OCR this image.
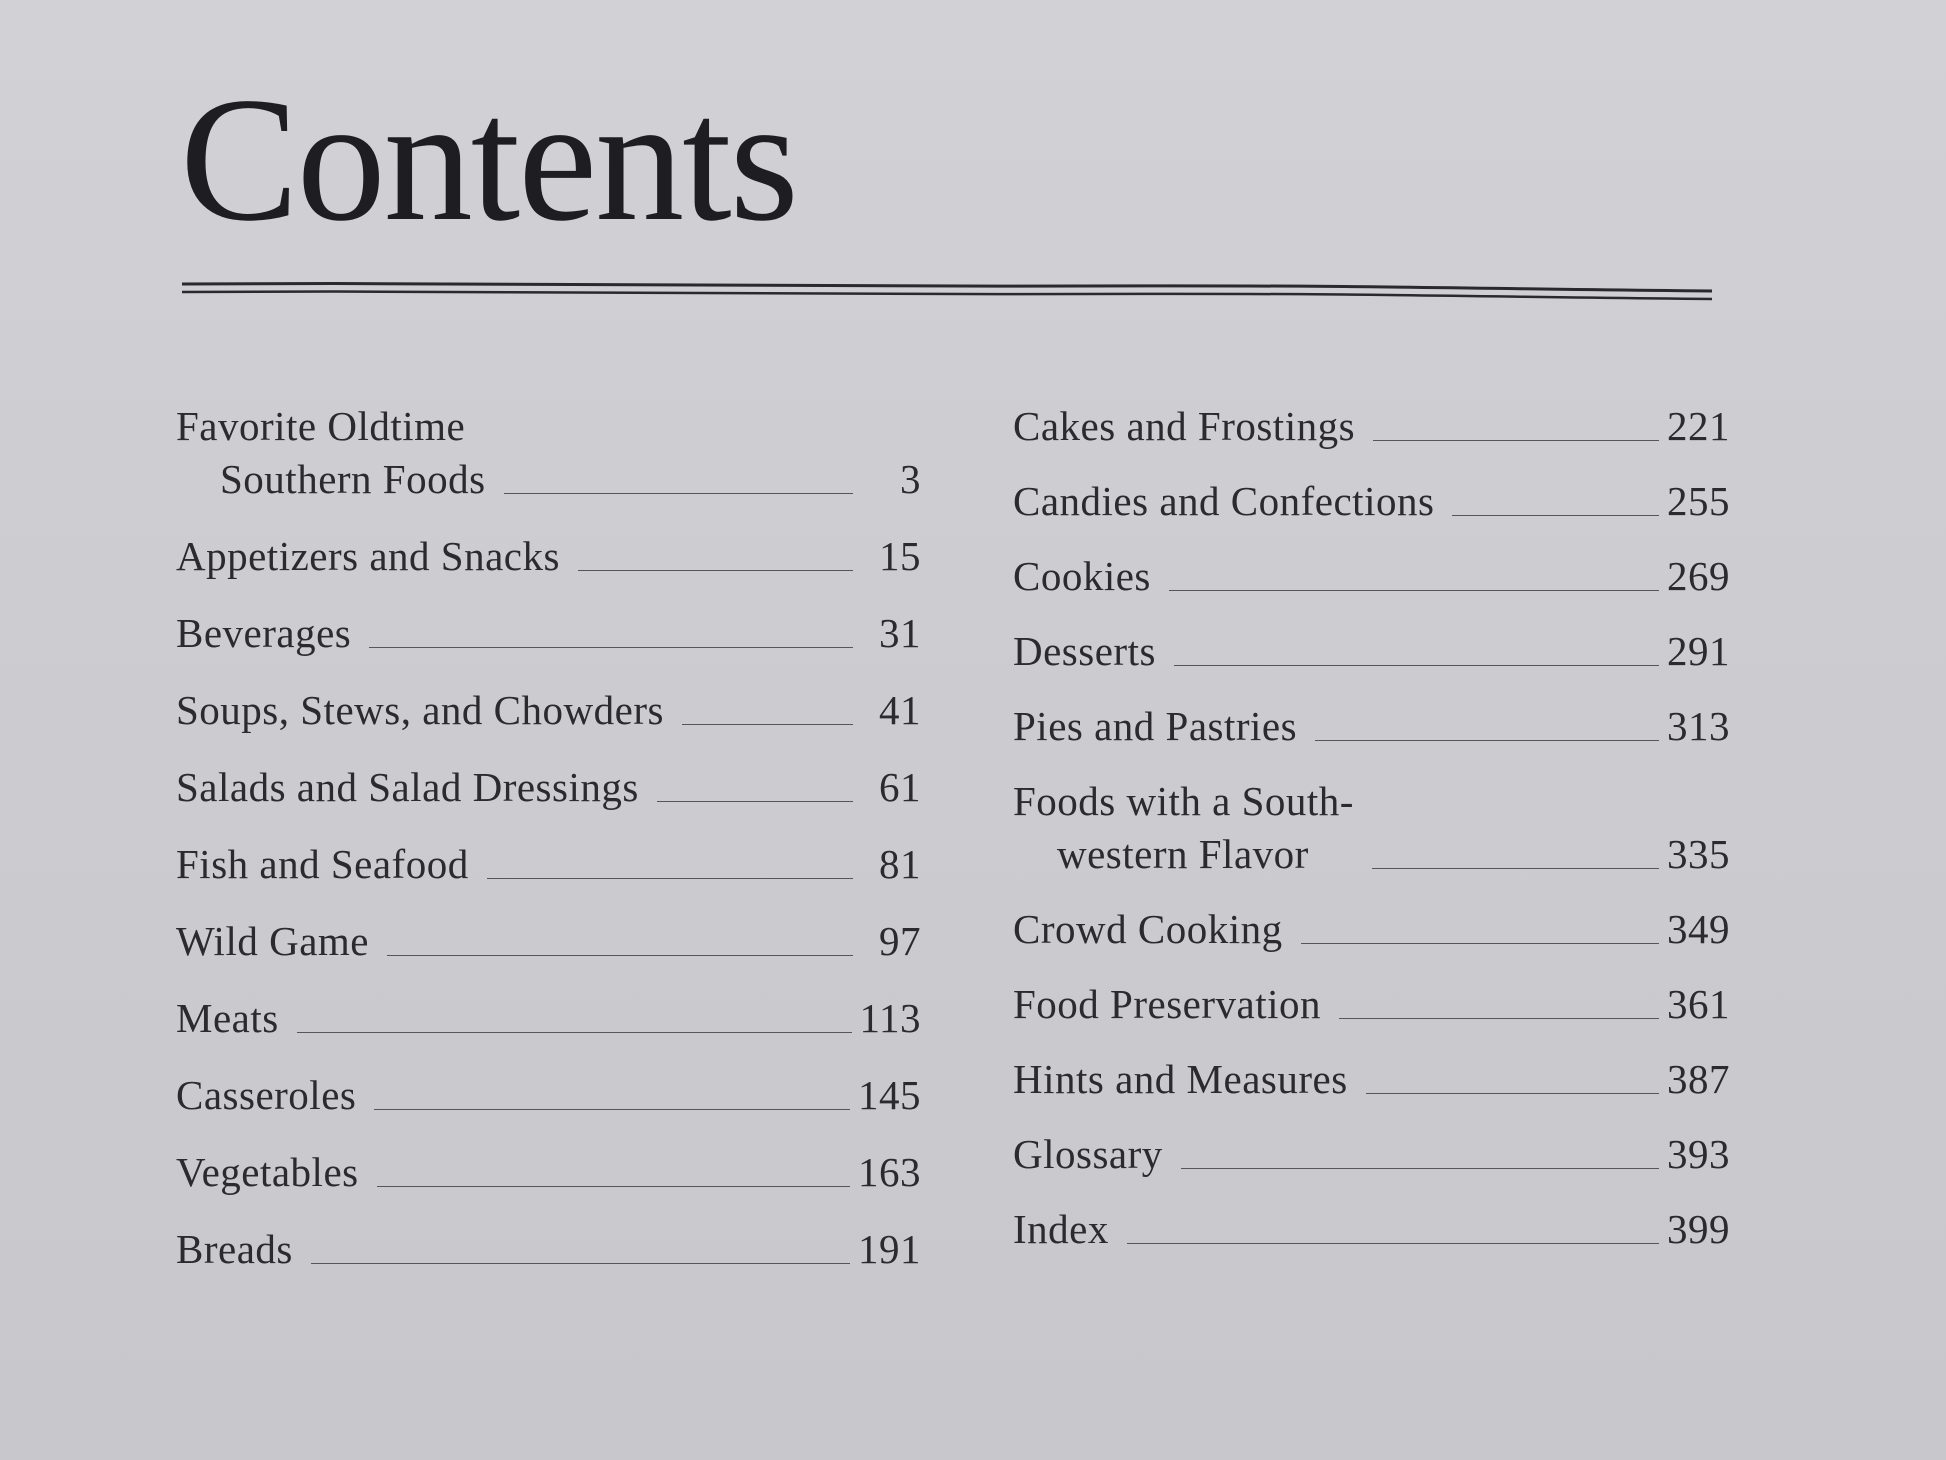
Contents
Favorite Oldtime
Southern Foods	3
Appetizers and Snacks	15
Beverages	31
Soups, Stews, and Chowders	41
Salads and Salad Dressings	61
Fish and Seafood	81
Wild Game	97
Meats	113
Casseroles	145
Vegetables	163
Breads	191
Cakes and Frostings	221
Candies and Confections	255
Cookies	269
Desserts	291
Pies and Pastries	313
Foods with a South-
western Flavor	335
Crowd Cooking	349
Food Preservation	361
Hints and Measures	387
Glossary	393
Index	399
